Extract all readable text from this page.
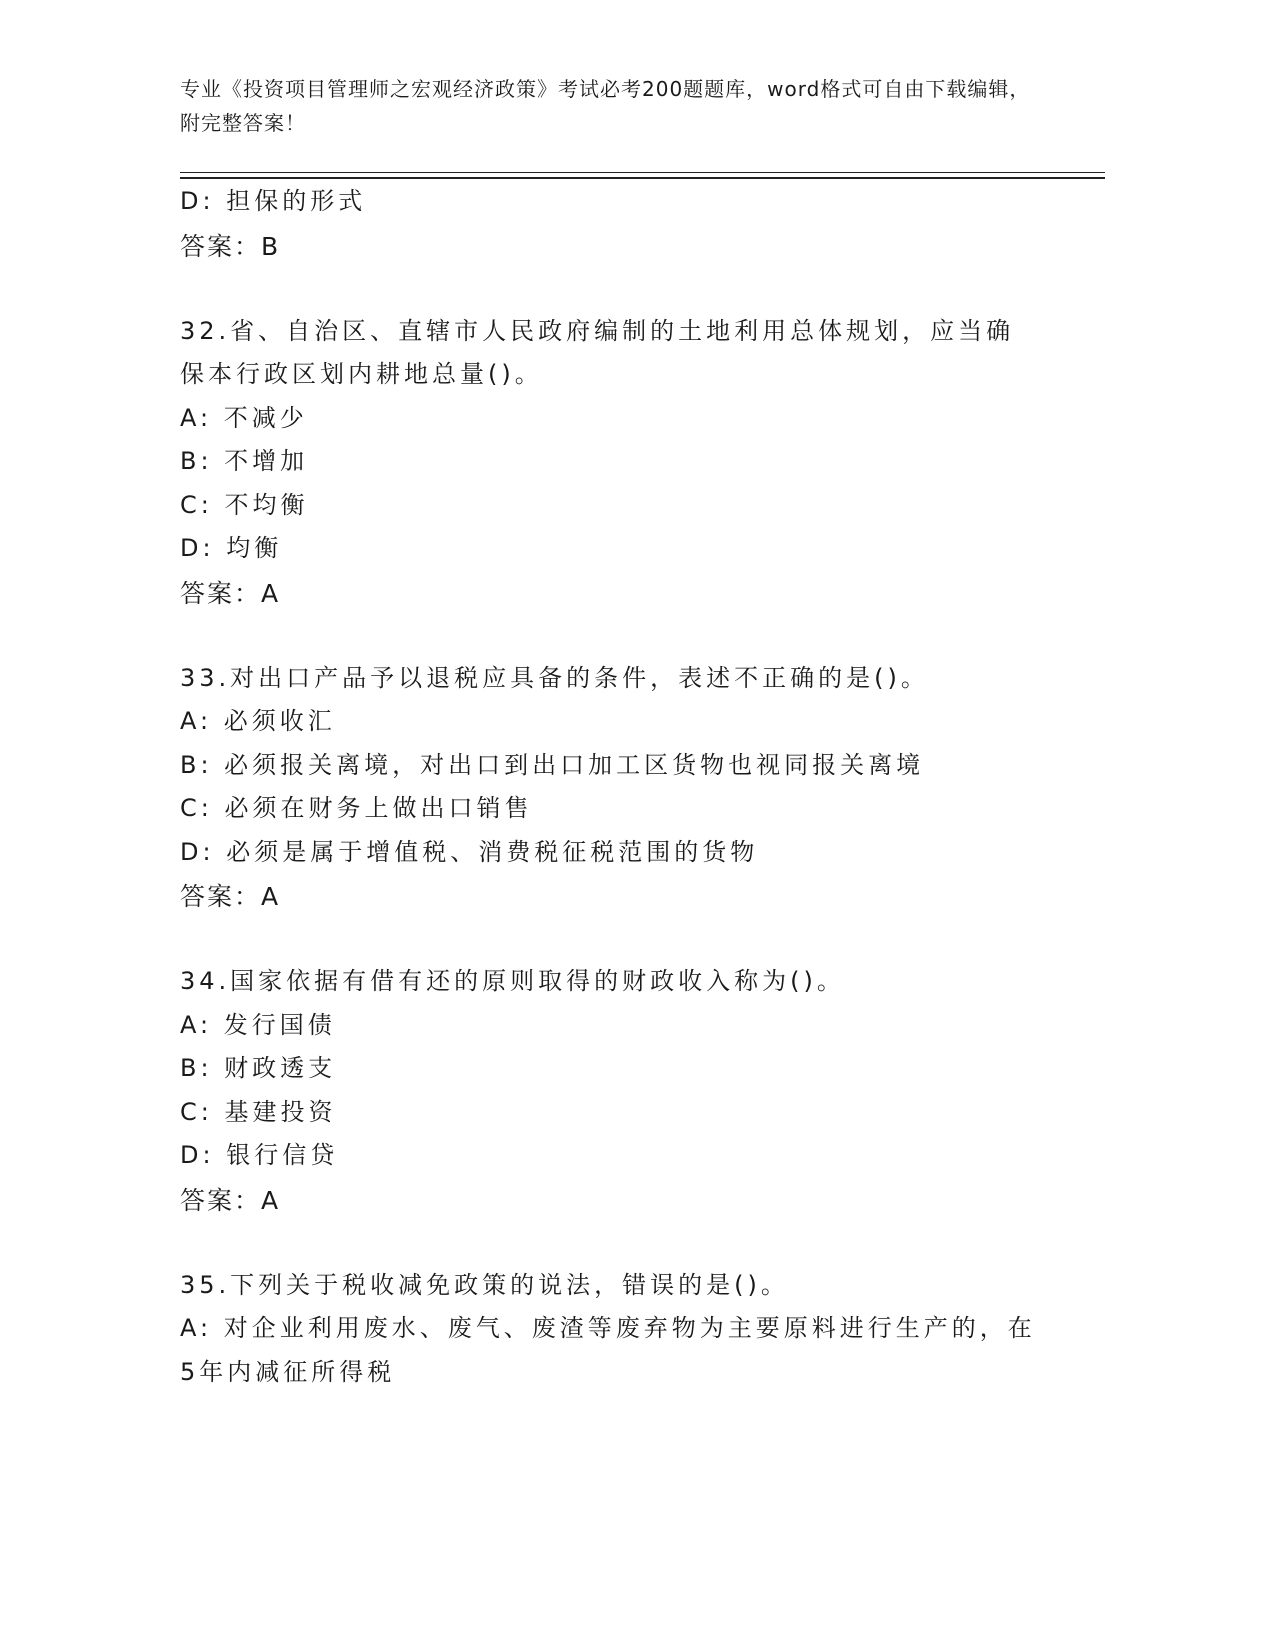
专业《投资项目管理师之宏观经济政策》考试必考200题题库，word格式可自由下载编辑，附完整答案！
D: 担保的形式
答案：B
32.省、自治区、直辖市人民政府编制的土地利用总体规划，应当确保本行政区划内耕地总量()。
A: 不减少
B: 不增加
C: 不均衡
D: 均衡
答案：A
33.对出口产品予以退税应具备的条件，表述不正确的是()。
A: 必须收汇
B: 必须报关离境，对出口到出口加工区货物也视同报关离境
C: 必须在财务上做出口销售
D: 必须是属于增值税、消费税征税范围的货物
答案：A
34.国家依据有借有还的原则取得的财政收入称为()。
A: 发行国债
B: 财政透支
C: 基建投资
D: 银行信贷
答案：A
35.下列关于税收减免政策的说法，错误的是()。
A: 对企业利用废水、废气、废渣等废弃物为主要原料进行生产的，在5年内减征所得税
